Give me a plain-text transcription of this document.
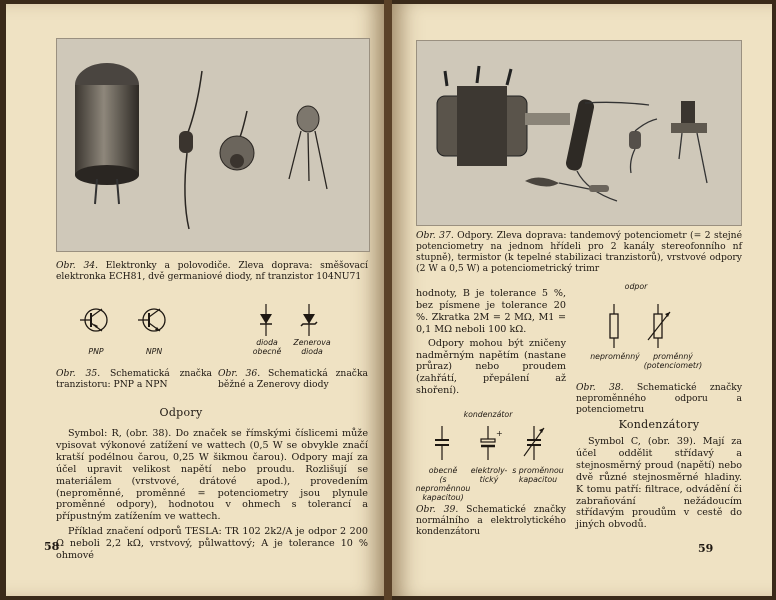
Obr. 34. Elektronky a polovodiče. Zleva doprava: směšovací elektronka ECH81, dvě germaniové diody, nf tranzistor 104NU71
PNP	NPN
dioda
obecně
Zenerova
dioda
Obr. 35. Schematická značka tranzistoru: PNP a NPN
Obr. 36. Schematická značka běžné a Zenerovy diody
Odpory

Symbol: R, (obr. 38). Do značek se římskými číslicemi může vpisovat výkonové zatížení ve wattech (0,5 W se obvykle značí kratší podélnou čarou, 0,25 W šikmou čarou). Odpory mají za účel upravit velikost napětí nebo proudu. Rozlišují se materiálem (vrstvové, drátové apod.), provedením (neproměnné, proměnné = potenciometry jsou plynule proměnné odpory), hodnotou v ohmech s tolerancí a přípustným zatížením ve wattech.

Příklad značení odporů TESLA: TR 102 2k2/A je odpor 2 200 Ω neboli 2,2 kΩ, vrstvový, půlwattový; A je tolerance 10 % ohmové

58
Obr. 37. Odpory. Zleva doprava: tandemový potenciometr (= 2 stejné potenciometry na jednom hřídeli pro 2 kanály stereofonního nf stupně), termistor (k tepelné stabilizaci tranzistorů), vrstvové odpory (2 W a 0,5 W) a potenciometrický trimr

hodnoty, B je tolerance 5 %, bez písmene je tolerance 20 %. Zkratka 2M = 2 MΩ, M1 = 0,1 MΩ neboli 100 kΩ.

Odpory mohou být zničeny nadměrným napětím (nastane průraz) nebo proudem (zahřátí, přepálení až shoření).

odpor
neproměnný	proměnný
(potenciometr)
Obr. 38. Schematické značky neproměnného odporu a potenciometru
kondenzátor
+
obecně
(s neproměnnou
kapacitou)
elektroly-
tický
s proměnnou
kapacitou
Obr. 39. Schematické značky normálního a elektrolytického kondenzátoru
Kondenzátory

Symbol C, (obr. 39). Mají za účel oddělit střídavý a stejnosměrný proud (napětí) nebo dvě různé stejnosměrné hladiny. K tomu patří: filtrace, odvádění či zabraňování nežádoucím střídavým proudům v cestě do jiných obvodů.

59
